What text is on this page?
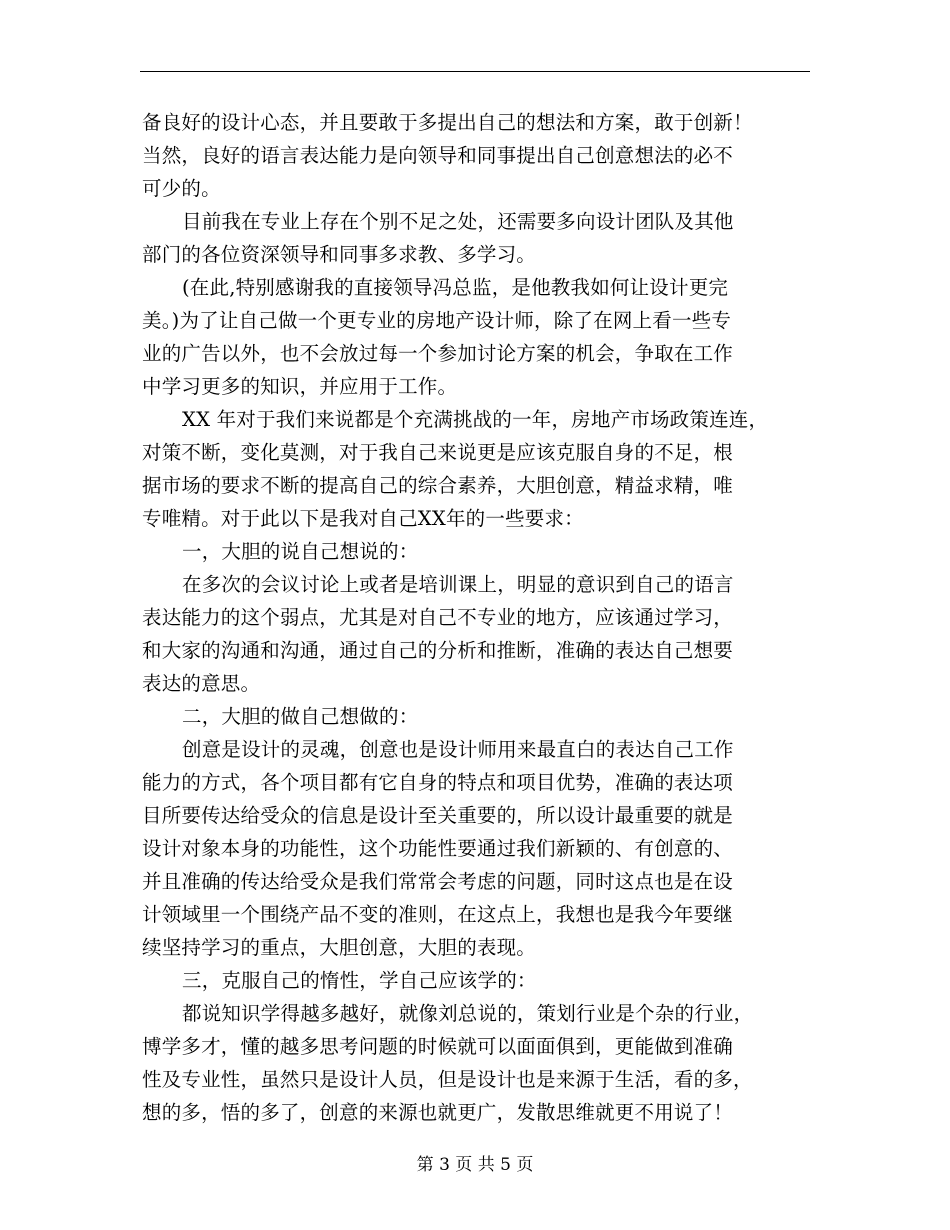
备良好的设计心态，并且要敢于多提出自己的想法和方案，敢于创新！
当然，良好的语言表达能力是向领导和同事提出自己创意想法的必不
可少的。
目前我在专业上存在个别不足之处，还需要多向设计团队及其他
部门的各位资深领导和同事多求教、多学习。
(在此,特别感谢我的直接领导冯总监，是他教我如何让设计更完
美。)为了让自己做一个更专业的房地产设计师，除了在网上看一些专
业的广告以外，也不会放过每一个参加讨论方案的机会，争取在工作
中学习更多的知识，并应用于工作。
XX 年对于我们来说都是个充满挑战的一年，房地产市场政策连连，
对策不断，变化莫测，对于我自己来说更是应该克服自身的不足，根
据市场的要求不断的提高自己的综合素养，大胆创意，精益求精，唯
专唯精。对于此以下是我对自己XX年的一些要求：
一，大胆的说自己想说的：
在多次的会议讨论上或者是培训课上，明显的意识到自己的语言
表达能力的这个弱点，尤其是对自己不专业的地方，应该通过学习，
和大家的沟通和沟通，通过自己的分析和推断，准确的表达自己想要
表达的意思。
二，大胆的做自己想做的：
创意是设计的灵魂，创意也是设计师用来最直白的表达自己工作
能力的方式，各个项目都有它自身的特点和项目优势，准确的表达项
目所要传达给受众的信息是设计至关重要的，所以设计最重要的就是
设计对象本身的功能性，这个功能性要通过我们新颖的、有创意的、
并且准确的传达给受众是我们常常会考虑的问题，同时这点也是在设
计领域里一个围绕产品不变的准则，在这点上，我想也是我今年要继
续坚持学习的重点，大胆创意，大胆的表现。
三，克服自己的惰性，学自己应该学的：
都说知识学得越多越好，就像刘总说的，策划行业是个杂的行业，
博学多才，懂的越多思考问题的时候就可以面面俱到，更能做到准确
性及专业性，虽然只是设计人员，但是设计也是来源于生活，看的多，
想的多，悟的多了，创意的来源也就更广，发散思维就更不用说了！
第 3 页 共 5 页
